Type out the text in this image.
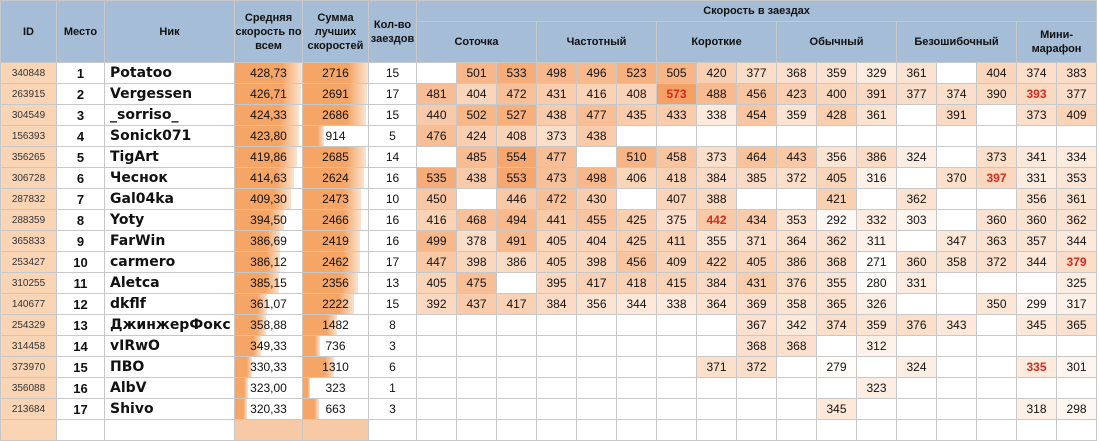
ID	Место	Ник	Средняя скорость по всем	Сумма лучших скоростей	Кол-во заездов	Скорость в заездах																
						Соточка			Частотный			Короткие			Обычный			Безошибочный			Мини-марафон	
340848	1	Potatoo	428,73	2716	15		501	533	498	496	523	505	420	377	368	359	329	361		404	374	383
263915	2	Vergessen	426,71	2691	17	481	404	472	431	416	408	573	488	456	423	400	391	377	374	390	393	377
304549	3	_sorriso_	424,33	2686	15	440	502	527	438	477	435	433	338	454	359	428	361		391		373	409
156393	4	Sonick071	423,80	914	5	476	424	408	373	438												
356265	5	TigArt	419,86	2685	14		485	554	477		510	458	373	464	443	356	386	324		373	341	334
306728	6	Чеснок	414,63	2624	16	535	438	553	473	498	406	418	384	385	372	405	316		370	397	331	353
287832	7	Gal04ka	409,30	2473	10	450		446	472	430		407	388			421		362			356	361
288359	8	Yoty	394,50	2466	16	416	468	494	441	455	425	375	442	434	353	292	332	303		360	360	362
365833	9	FarWin	386,69	2419	16	499	378	491	405	404	425	411	355	371	364	362	311		347	363	357	344
253427	10	carmero	386,12	2462	17	447	398	386	405	398	456	409	422	405	386	368	271	360	358	372	344	379
310255	11	Aletca	385,15	2356	13	405	475		395	417	418	415	384	431	376	355	280	331				325
140677	12	dkflf	361,07	2222	15	392	437	417	384	356	344	338	364	369	358	365	326			350	299	317
254329	13	ДжинжерФокс	358,88	1482	8									367	342	374	359	376	343		345	365
314458	14	vIRwO	349,33	736	3									368	368		312					
373970	15	ПВО	330,33	1310	6								371	372		279		324			335	301
356088	16	AlbV	323,00	323	1												323					
213684	17	Shivo	320,33	663	3											345					318	298
